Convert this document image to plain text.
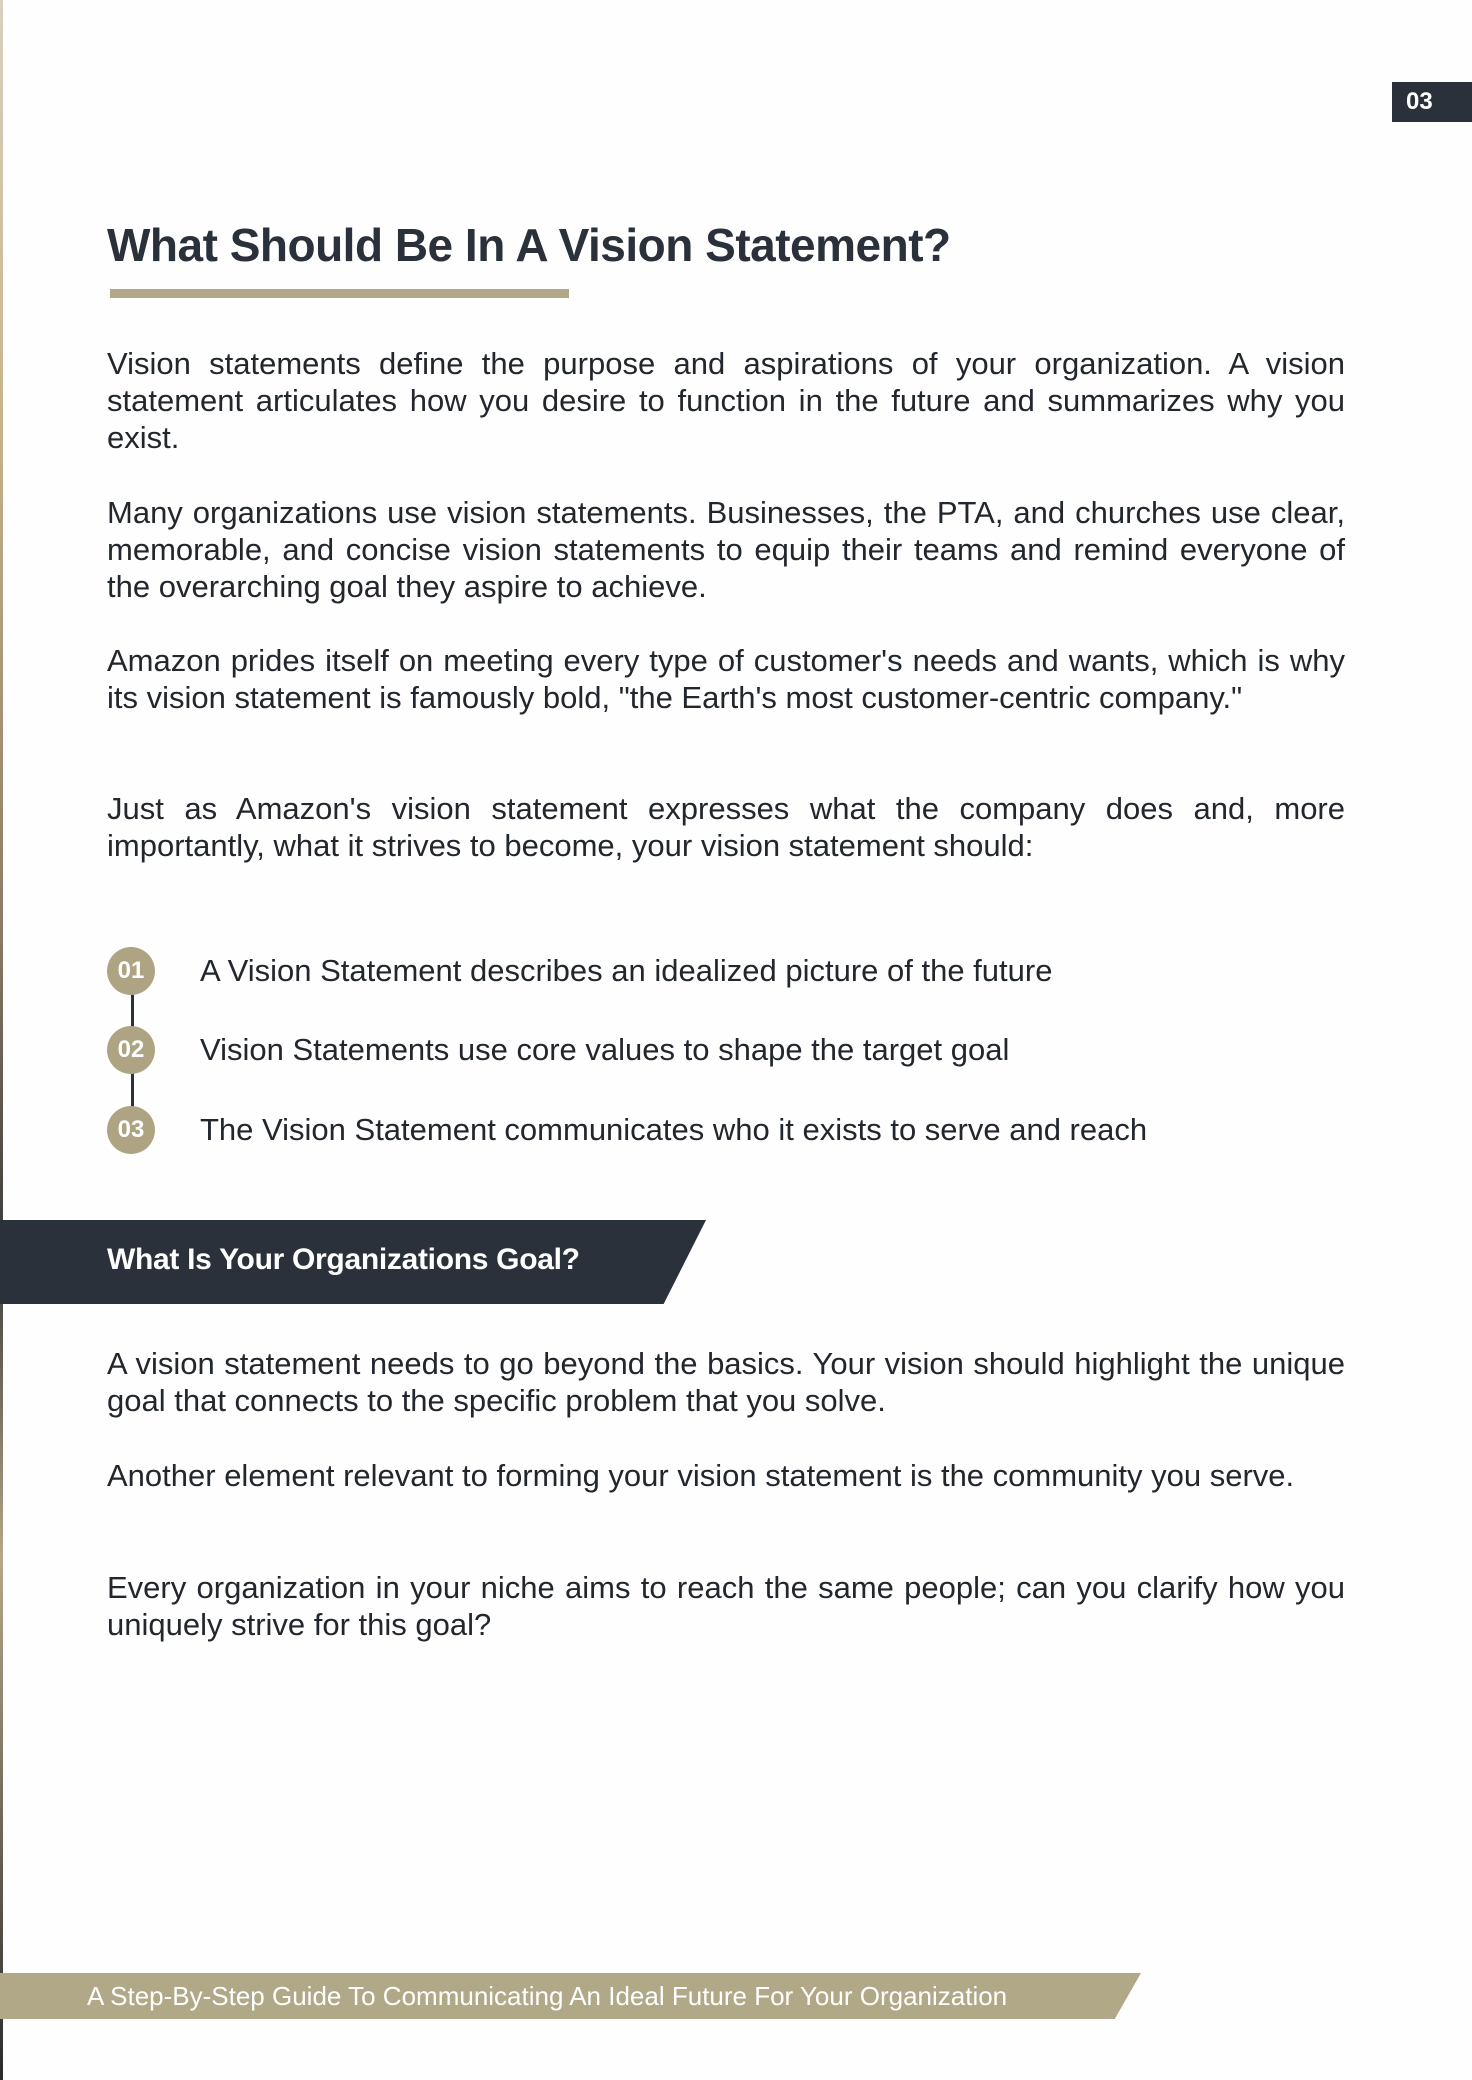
03
What Should Be In A Vision Statement?

Vision statements define the purpose and aspirations of your organization. A vision statement articulates how you desire to function in the future and summarizes why you exist.

Many organizations use vision statements. Businesses, the PTA, and churches use clear, memorable, and concise vision statements to equip their teams and remind everyone of the overarching goal they aspire to achieve.

Amazon prides itself on meeting every type of customer's needs and wants, which is why its vision statement is famously bold, "the Earth's most customer-centric company."

Just as Amazon's vision statement expresses what the company does and, more importantly, what it strives to become, your vision statement should:

01	A Vision Statement describes an idealized picture of the future
02	Vision Statements use core values to shape the target goal
03	The Vision Statement communicates who it exists to serve and reach
What Is Your Organizations Goal?

A vision statement needs to go beyond the basics. Your vision should highlight the unique goal that connects to the specific problem that you solve.

Another element relevant to forming your vision statement is the community you serve.

Every organization in your niche aims to reach the same people; can you clarify how you uniquely strive for this goal?

A Step-By-Step Guide To Communicating An Ideal Future For Your Organization
